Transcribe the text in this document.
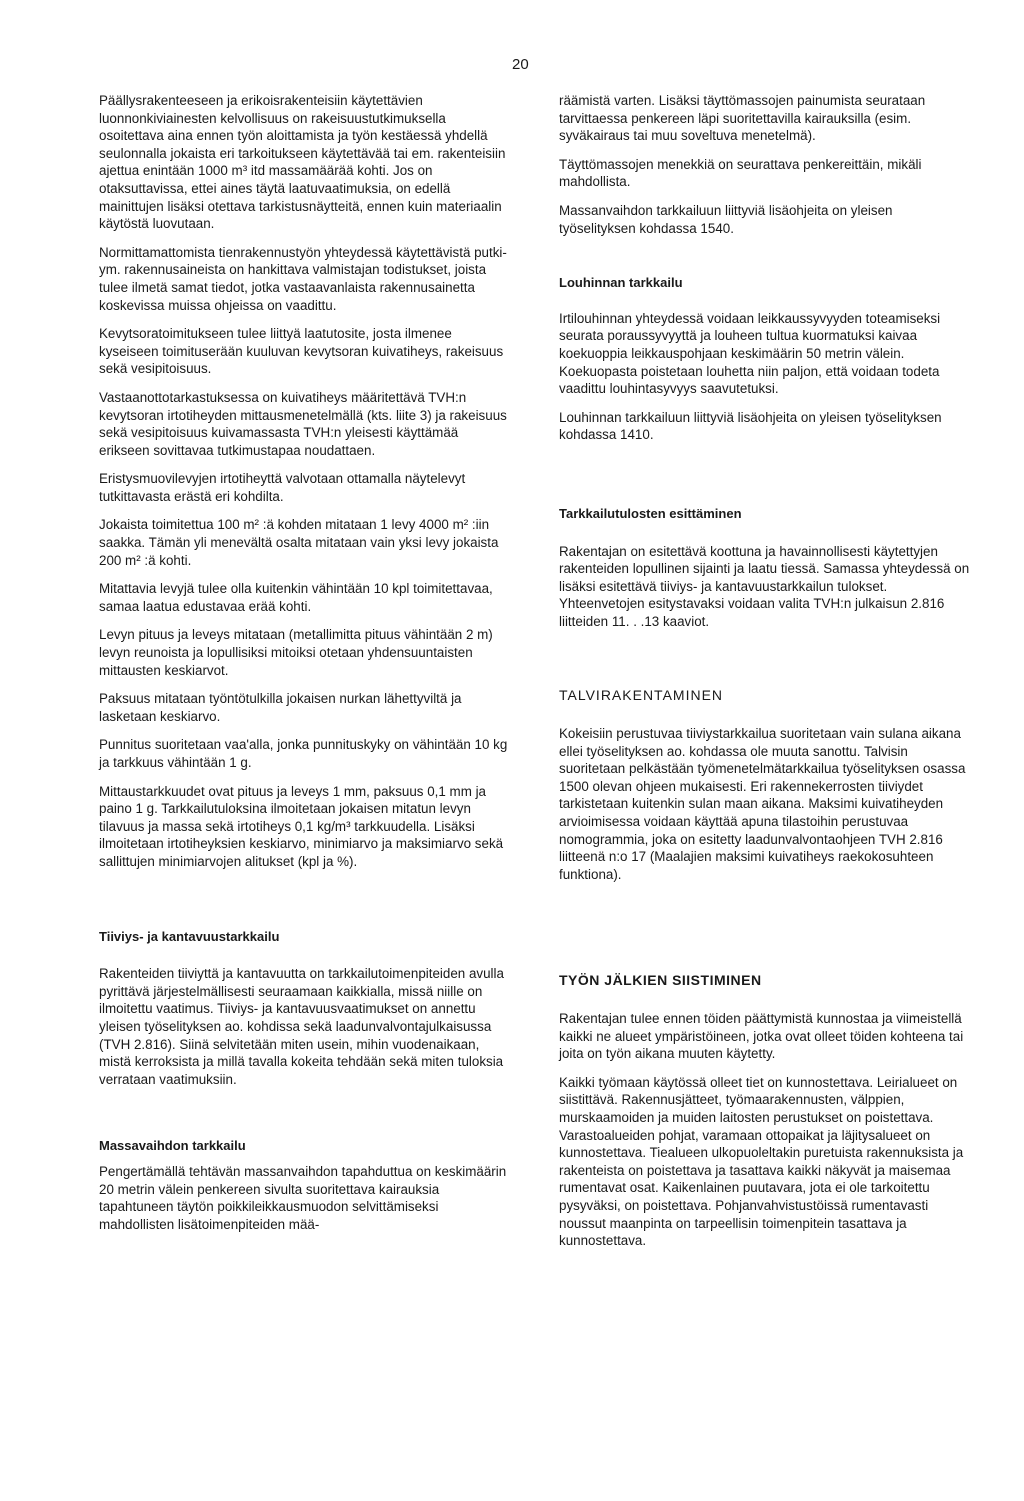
20

Päällysrakenteeseen ja erikoisrakenteisiin käytettävien luonnonkiviainesten kelvollisuus on rakeisuustutkimuksella osoitettava aina ennen työn aloittamista ja työn kestäessä yhdellä seulonnalla jokaista eri tarkoitukseen käytettävää tai em. rakenteisiin ajettua enintään 1000 m³ itd massamäärää kohti. Jos on otaksuttavissa, ettei aines täytä laatuvaatimuksia, on edellä mainittujen lisäksi otettava tarkistusnäytteitä, ennen kuin materiaalin käytöstä luovutaan.

Normittamattomista tienrakennustyön yhteydessä käytettävistä putki- ym. rakennusaineista on hankittava valmistajan todistukset, joista tulee ilmetä samat tiedot, jotka vastaavanlaista rakennusainetta koskevissa muissa ohjeissa on vaadittu.

Kevytsoratoimitukseen tulee liittyä laatutosite, josta ilmenee kyseiseen toimituserään kuuluvan kevytsoran kuivatiheys, rakeisuus sekä vesipitoisuus.

Vastaanottotarkastuksessa on kuivatiheys määritettävä TVH:n kevytsoran irtotiheyden mittausmenetelmällä (kts. liite 3) ja rakeisuus sekä vesipitoisuus kuivamassasta TVH:n yleisesti käyttämää erikseen sovittavaa tutkimustapaa noudattaen.

Eristysmuovilevyjen irtotiheyttä valvotaan ottamalla näytelevyt tutkittavasta erästä eri kohdilta.

Jokaista toimitettua 100 m² :ä kohden mitataan 1 levy 4000 m² :iin saakka. Tämän yli menevältä osalta mitataan vain yksi levy jokaista 200 m² :ä kohti.

Mitattavia levyjä tulee olla kuitenkin vähintään 10 kpl toimitettavaa, samaa laatua edustavaa erää kohti.

Levyn pituus ja leveys mitataan (metallimitta pituus vähintään 2 m) levyn reunoista ja lopullisiksi mitoiksi otetaan yhdensuuntaisten mittausten keskiarvot.

Paksuus mitataan työntötulkilla jokaisen nurkan lähettyviltä ja lasketaan keskiarvo.

Punnitus suoritetaan vaa'alla, jonka punnituskyky on vähintään 10 kg ja tarkkuus vähintään 1 g.

Mittaustarkkuudet ovat pituus ja leveys 1 mm, paksuus 0,1 mm ja paino 1 g. Tarkkailutuloksina ilmoitetaan jokaisen mitatun levyn tilavuus ja massa sekä irtotiheys 0,1 kg/m³ tarkkuudella. Lisäksi ilmoitetaan irtotiheyksien keskiarvo, minimiarvo ja maksimiarvo sekä sallittujen minimiarvojen alitukset (kpl ja %).

Tiiviys- ja kantavuustarkkailu

Rakenteiden tiiviyttä ja kantavuutta on tarkkailutoimenpiteiden avulla pyrittävä järjestelmällisesti seuraamaan kaikkialla, missä niille on ilmoitettu vaatimus. Tiiviys- ja kantavuusvaatimukset on annettu yleisen työselityksen ao. kohdissa sekä laadunvalvontajulkaisussa (TVH 2.816). Siinä selvitetään miten usein, mihin vuodenaikaan, mistä kerroksista ja millä tavalla kokeita tehdään sekä miten tuloksia verrataan vaatimuksiin.

Massavaihdon tarkkailu

Pengertämällä tehtävän massanvaihdon tapahduttua on keskimäärin 20 metrin välein penkereen sivulta suoritettava kairauksia tapahtuneen täytön poikkileikkausmuodon selvittämiseksi mahdollisten lisätoimenpiteiden mää-

räämistä varten. Lisäksi täyttömassojen painumista seurataan tarvittaessa penkereen läpi suoritettavilla kairauksilla (esim. syväkairaus tai muu soveltuva menetelmä).

Täyttömassojen menekkiä on seurattava penkereittäin, mikäli mahdollista.

Massanvaihdon tarkkailuun liittyviä lisäohjeita on yleisen työselityksen kohdassa 1540.

Louhinnan tarkkailu

Irtilouhinnan yhteydessä voidaan leikkaussyvyyden toteamiseksi seurata poraussyvyyttä ja louheen tultua kuormatuksi kaivaa koekuoppia leikkauspohjaan keskimäärin 50 metrin välein. Koekuopasta poistetaan louhetta niin paljon, että voidaan todeta vaadittu louhintasyvyys saavutetuksi.

Louhinnan tarkkailuun liittyviä lisäohjeita on yleisen työselityksen kohdassa 1410.

Tarkkailutulosten esittäminen

Rakentajan on esitettävä koottuna ja havainnollisesti käytettyjen rakenteiden lopullinen sijainti ja laatu tiessä. Samassa yhteydessä on lisäksi esitettävä tiiviys- ja kantavuustarkkailun tulokset. Yhteenvetojen esitystavaksi voidaan valita TVH:n julkaisun 2.816 liitteiden 11. . .13 kaaviot.

TALVIRAKENTAMINEN

Kokeisiin perustuvaa tiiviystarkkailua suoritetaan vain sulana aikana ellei työselityksen ao. kohdassa ole muuta sanottu. Talvisin suoritetaan pelkästään työmenetelmätarkkailua työselityksen osassa 1500 olevan ohjeen mukaisesti. Eri rakennekerrosten tiiviydet tarkistetaan kuitenkin sulan maan aikana. Maksimi kuivatiheyden arvioimisessa voidaan käyttää apuna tilastoihin perustuvaa nomogrammia, joka on esitetty laadunvalvontaohjeen TVH 2.816 liitteenä n:o 17 (Maalajien maksimi kuivatiheys raekokosuhteen funktiona).

TYÖN JÄLKIEN SIISTIMINEN

Rakentajan tulee ennen töiden päättymistä kunnostaa ja viimeistellä kaikki ne alueet ympäristöineen, jotka ovat olleet töiden kohteena tai joita on työn aikana muuten käytetty.

Kaikki työmaan käytössä olleet tiet on kunnostettava. Leirialueet on siistittävä. Rakennusjätteet, työmaarakennusten, välppien, murskaamoiden ja muiden laitosten perustukset on poistettava. Varastoalueiden pohjat, varamaan ottopaikat ja läjitysalueet on kunnostettava. Tiealueen ulkopuoleltakin puretuista rakennuksista ja rakenteista on poistettava ja tasattava kaikki näkyvät ja maisemaa rumentavat osat. Kaikenlainen puutavara, jota ei ole tarkoitettu pysyväksi, on poistettava. Pohjanvahvistustöissä rumentavasti noussut maanpinta on tarpeellisin toimenpitein tasattava ja kunnostettava.
